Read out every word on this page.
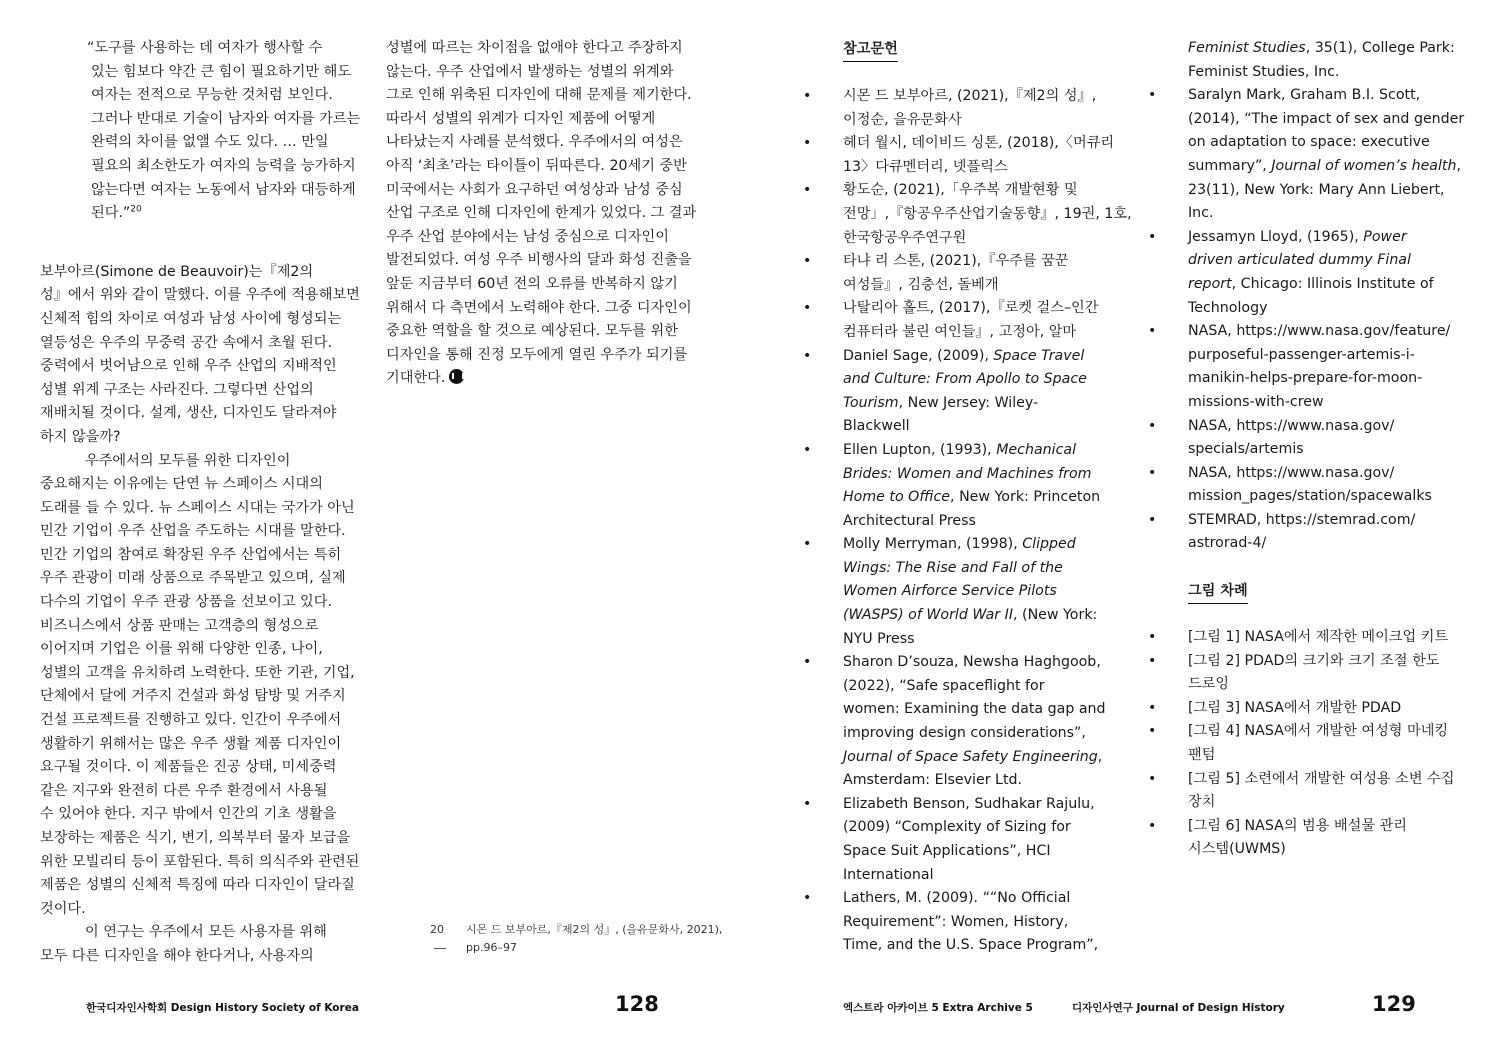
“도구를 사용하는 데 여자가 행사할 수
있는 힘보다 약간 큰 힘이 필요하기만 해도
여자는 전적으로 무능한 것처럼 보인다.
그러나 반대로 기술이 남자와 여자를 가르는
완력의 차이를 없앨 수도 있다. … 만일
필요의 최소한도가 여자의 능력을 능가하지
않는다면 여자는 노동에서 남자와 대등하게
된다.”$^{20}$
보부아르(Simone de Beauvoir)는『제2의
성』에서 위와 같이 말했다. 이를 우주에 적용해보면
신체적 힘의 차이로 여성과 남성 사이에 형성되는
열등성은 우주의 무중력 공간 속에서 초월 된다.
중력에서 벗어남으로 인해 우주 산업의 지배적인
성별 위계 구조는 사라진다. 그렇다면 산업의
재배치될 것이다. 설계, 생산, 디자인도 달라져야
하지 않을까?
우주에서의 모두를 위한 디자인이
중요해지는 이유에는 단연 뉴 스페이스 시대의
도래를 들 수 있다. 뉴 스페이스 시대는 국가가 아닌
민간 기업이 우주 산업을 주도하는 시대를 말한다.
민간 기업의 참여로 확장된 우주 산업에서는 특히
우주 관광이 미래 상품으로 주목받고 있으며, 실제
다수의 기업이 우주 관광 상품을 선보이고 있다.
비즈니스에서 상품 판매는 고객층의 형성으로
이어지며 기업은 이를 위해 다양한 인종, 나이,
성별의 고객을 유치하려 노력한다. 또한 기관, 기업,
단체에서 달에 거주지 건설과 화성 탐방 및 거주지
건설 프로젝트를 진행하고 있다. 인간이 우주에서
생활하기 위해서는 많은 우주 생활 제품 디자인이
요구될 것이다. 이 제품들은 진공 상태, 미세중력
같은 지구와 완전히 다른 우주 환경에서 사용될
수 있어야 한다. 지구 밖에서 인간의 기초 생활을
보장하는 제품은 식기, 변기, 의복부터 물자 보급을
위한 모빌리티 등이 포함된다. 특히 의식주와 관련된
제품은 성별의 신체적 특징에 따라 디자인이 달라질
것이다.
이 연구는 우주에서 모든 사용자를 위해
모두 다른 디자인을 해야 한다거나, 사용자의
성별에 따르는 차이점을 없애야 한다고 주장하지
않는다. 우주 산업에서 발생하는 성별의 위계와
그로 인해 위축된 디자인에 대해 문제를 제기한다.
따라서 성별의 위계가 디자인 제품에 어떻게
나타났는지 사례를 분석했다. 우주에서의 여성은
아직 ‘최초’라는 타이틀이 뒤따른다. 20세기 중반
미국에서는 사회가 요구하던 여성상과 남성 중심
산업 구조로 인해 디자인에 한계가 있었다. 그 결과
우주 산업 분야에서는 남성 중심으로 디자인이
발전되었다. 여성 우주 비행사의 달과 화성 진출을
앞둔 지금부터 60년 전의 오류를 반복하지 않기
위해서 다 측면에서 노력해야 한다. 그중 디자인이
중요한 역할을 할 것으로 예상된다. 모두를 위한
디자인을 통해 진정 모두에게 열린 우주가 되기를
기대한다.
20	시몬 드 보부아르,『제2의 성』, (을유문화사, 2021),
pp.96–97
한국디자인사학회 Design History Society of Korea	128
참고문헌
• 시몬 드 보부아르, (2021),『제2의 성』,
이정순, 을유문화사
• 헤더 월시, 데이비드 싱톤, (2018),〈머큐리
13〉다큐멘터리, 넷플릭스
• 황도순, (2021),「우주복 개발현황 및
전망」,『항공우주산업기술동향』, 19권, 1호,
한국항공우주연구원
• 타냐 리 스톤, (2021),『우주를 꿈꾼
여성들』, 김충선, 돌베개
• 나탈리아 홀트, (2017),『로켓 걸스–인간
컴퓨터라 불린 여인들』, 고정아, 알마
• Daniel Sage, (2009), Space Travel
and Culture: From Apollo to Space
Tourism, New Jersey: Wiley-
Blackwell
• Ellen Lupton, (1993), Mechanical
Brides: Women and Machines from
Home to Office, New York: Princeton
Architectural Press
• Molly Merryman, (1998), Clipped
Wings: The Rise and Fall of the
Women Airforce Service Pilots
(WASPS) of World War II, (New York:
NYU Press
• Sharon D’souza, Newsha Haghgoob,
(2022), “Safe spaceflight for
women: Examining the data gap and
improving design considerations”,
Journal of Space Safety Engineering,
Amsterdam: Elsevier Ltd.
• Elizabeth Benson, Sudhakar Rajulu,
(2009) “Complexity of Sizing for
Space Suit Applications”, HCI
International
• Lathers, M. (2009). ““No Official
Requirement”: Women, History,
Time, and the U.S. Space Program”,
Feminist Studies, 35(1), College Park:
Feminist Studies, Inc.
• Saralyn Mark, Graham B.I. Scott,
(2014), “The impact of sex and gender
on adaptation to space: executive
summary”, Journal of women’s health,
23(11), New York: Mary Ann Liebert,
Inc.
• Jessamyn Lloyd, (1965), Power
driven articulated dummy Final
report, Chicago: Illinois Institute of
Technology
• NASA, https://www.nasa.gov/feature/
purposeful-passenger-artemis-i-
manikin-helps-prepare-for-moon-
missions-with-crew
• NASA, https://www.nasa.gov/
specials/artemis
• NASA, https://www.nasa.gov/
mission_pages/station/spacewalks
• STEMRAD, https://stemrad.com/
astrorad-4/
그림 차례
• [그림 1] NASA에서 제작한 메이크업 키트
• [그림 2] PDAD의 크기와 크기 조절 한도
드로잉
• [그림 3] NASA에서 개발한 PDAD
• [그림 4] NASA에서 개발한 여성형 마네킹
팬텀
• [그림 5] 소련에서 개발한 여성용 소변 수집
장치
• [그림 6] NASA의 범용 배설물 관리
시스템(UWMS)
엑스트라 아카이브 5 Extra Archive 5	디자인사연구 Journal of Design History	129
